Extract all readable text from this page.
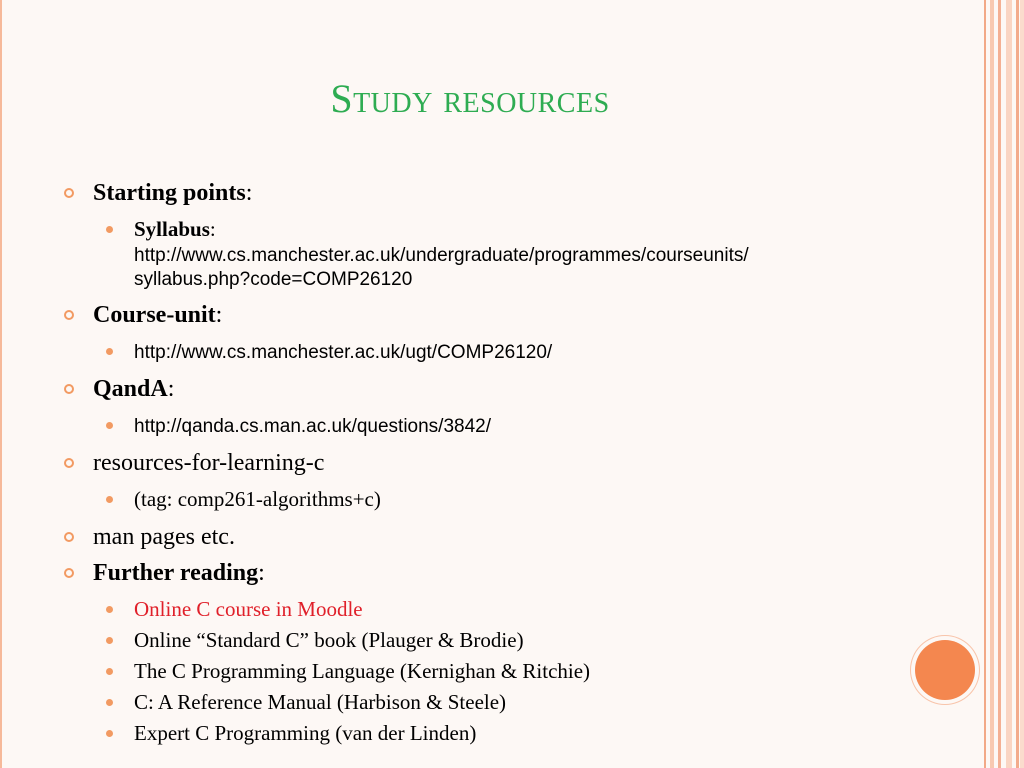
Study resources
Starting points:
Syllabus:
http://www.cs.manchester.ac.uk/undergraduate/programmes/courseunits/
syllabus.php?code=COMP26120
Course-unit:
http://www.cs.manchester.ac.uk/ugt/COMP26120/
QandA:
http://qanda.cs.man.ac.uk/questions/3842/
resources-for-learning-c
(tag: comp261-algorithms+c)
man pages etc.
Further reading:
Online C course in Moodle
Online “Standard C” book (Plauger & Brodie)
The C Programming Language (Kernighan & Ritchie)
C: A Reference Manual (Harbison & Steele)
Expert C Programming (van der Linden)
